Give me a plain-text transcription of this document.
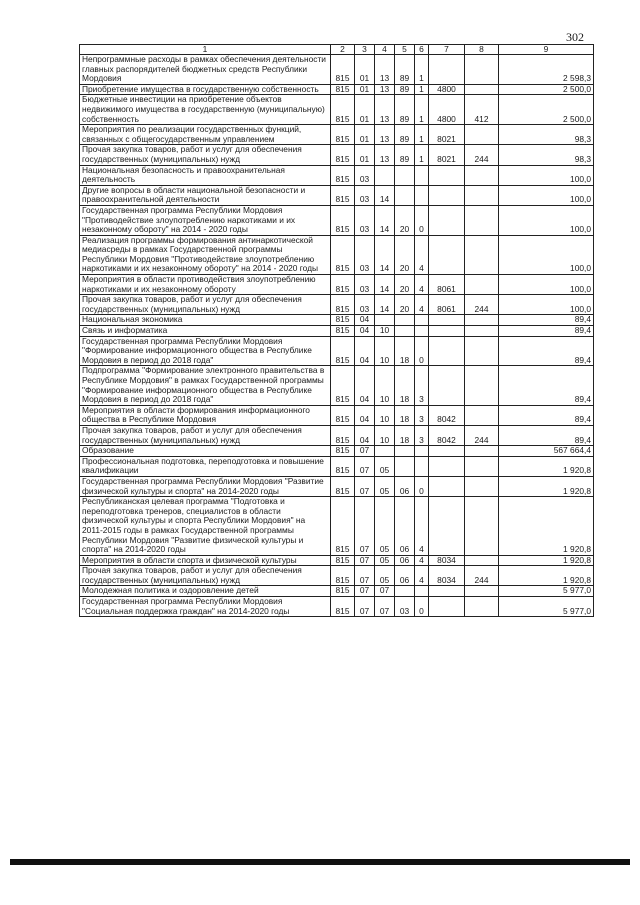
302
1	2	3	4	5	6	7	8	9
Непрограммные расходы в рамках обеспечения деятельности главных распорядителей бюджетных средств Республики Мордовия	815	01	13	89	1			2 598,3
Приобретение имущества в государственную собственность	815	01	13	89	1	4800		2 500,0
Бюджетные инвестиции на приобретение объектов недвижимого имущества в государственную (муниципальную) собственность	815	01	13	89	1	4800	412	2 500,0
Мероприятия по реализации государственных функций, связанных с общегосударственным управлением	815	01	13	89	1	8021		98,3
Прочая закупка товаров, работ и услуг для обеспечения государственных (муниципальных) нужд	815	01	13	89	1	8021	244	98,3
Национальная безопасность и правоохранительная деятельность	815	03						100,0
Другие вопросы в области национальной безопасности и правоохранительной деятельности	815	03	14					100,0
Государственная программа Республики Мордовия "Противодействие злоупотреблению наркотиками и их незаконному обороту" на 2014 - 2020 годы	815	03	14	20	0			100,0
Реализация программы формирования антинаркотической медиасреды в рамках Государственной программы Республики Мордовия "Противодействие злоупотреблению наркотиками и их незаконному обороту" на 2014 - 2020 годы	815	03	14	20	4			100,0
Мероприятия в области противодействия злоупотреблению наркотиками и их незаконному обороту	815	03	14	20	4	8061		100,0
Прочая закупка товаров, работ и услуг для обеспечения государственных (муниципальных) нужд	815	03	14	20	4	8061	244	100,0
Национальная экономика	815	04						89,4
Связь и информатика	815	04	10					89,4
Государственная программа Республики Мордовия "Формирование информационного общества в Республике Мордовия в период до 2018 года"	815	04	10	18	0			89,4
Подпрограмма "Формирование электронного правительства в Республике Мордовия" в рамках Государственной программы "Формирование информационного общества в Республике Мордовия в период до 2018 года"	815	04	10	18	3			89,4
Мероприятия в области формирования информационного общества в Республике Мордовия	815	04	10	18	3	8042		89,4
Прочая закупка товаров, работ и услуг для обеспечения государственных (муниципальных) нужд	815	04	10	18	3	8042	244	89,4
Образование	815	07						567 664,4
Профессиональная подготовка, переподготовка и повышение квалификации	815	07	05					1 920,8
Государственная программа Республики Мордовия "Развитие физической культуры и спорта" на 2014-2020 годы	815	07	05	06	0			1 920,8
Республиканская целевая программа "Подготовка и переподготовка тренеров, специалистов в области физической культуры и спорта Республики Мордовия" на 2011-2015 годы в рамках Государственной программы Республики Мордовия "Развитие физической культуры и спорта" на 2014-2020 годы	815	07	05	06	4			1 920,8
Мероприятия в области спорта и физической культуры	815	07	05	06	4	8034		1 920,8
Прочая закупка товаров, работ и услуг для обеспечения государственных (муниципальных) нужд	815	07	05	06	4	8034	244	1 920,8
Молодежная политика и оздоровление детей	815	07	07					5 977,0
Государственная программа Республики Мордовия "Социальная поддержка граждан" на 2014-2020 годы	815	07	07	03	0			5 977,0
